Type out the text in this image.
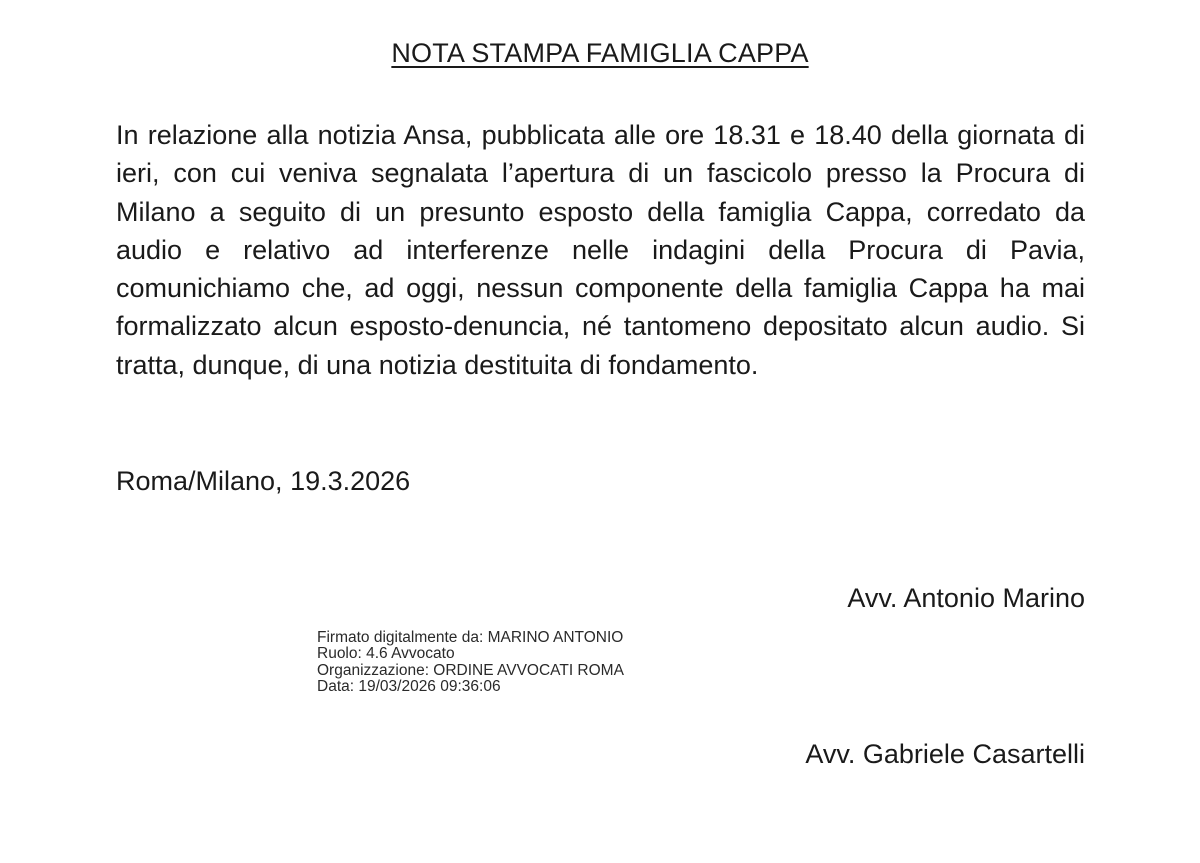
NOTA STAMPA FAMIGLIA CAPPA

In relazione alla notizia Ansa, pubblicata alle ore 18.31 e 18.40 della giornata di ieri, con cui veniva segnalata l’apertura di un fascicolo presso la Procura di Milano a seguito di un presunto esposto della famiglia Cappa, corredato da audio e relativo ad interferenze nelle indagini della Procura di Pavia, comunichiamo che, ad oggi, nessun componente della famiglia Cappa ha mai formalizzato alcun esposto-denuncia, né tantomeno depositato alcun audio. Si tratta, dunque, di una notizia destituita di fondamento.

Roma/Milano, 19.3.2026
Avv. Antonio Marino
Firmato digitalmente da: MARINO ANTONIO
Ruolo: 4.6 Avvocato
Organizzazione: ORDINE AVVOCATI ROMA
Data: 19/03/2026 09:36:06
Avv. Gabriele Casartelli
